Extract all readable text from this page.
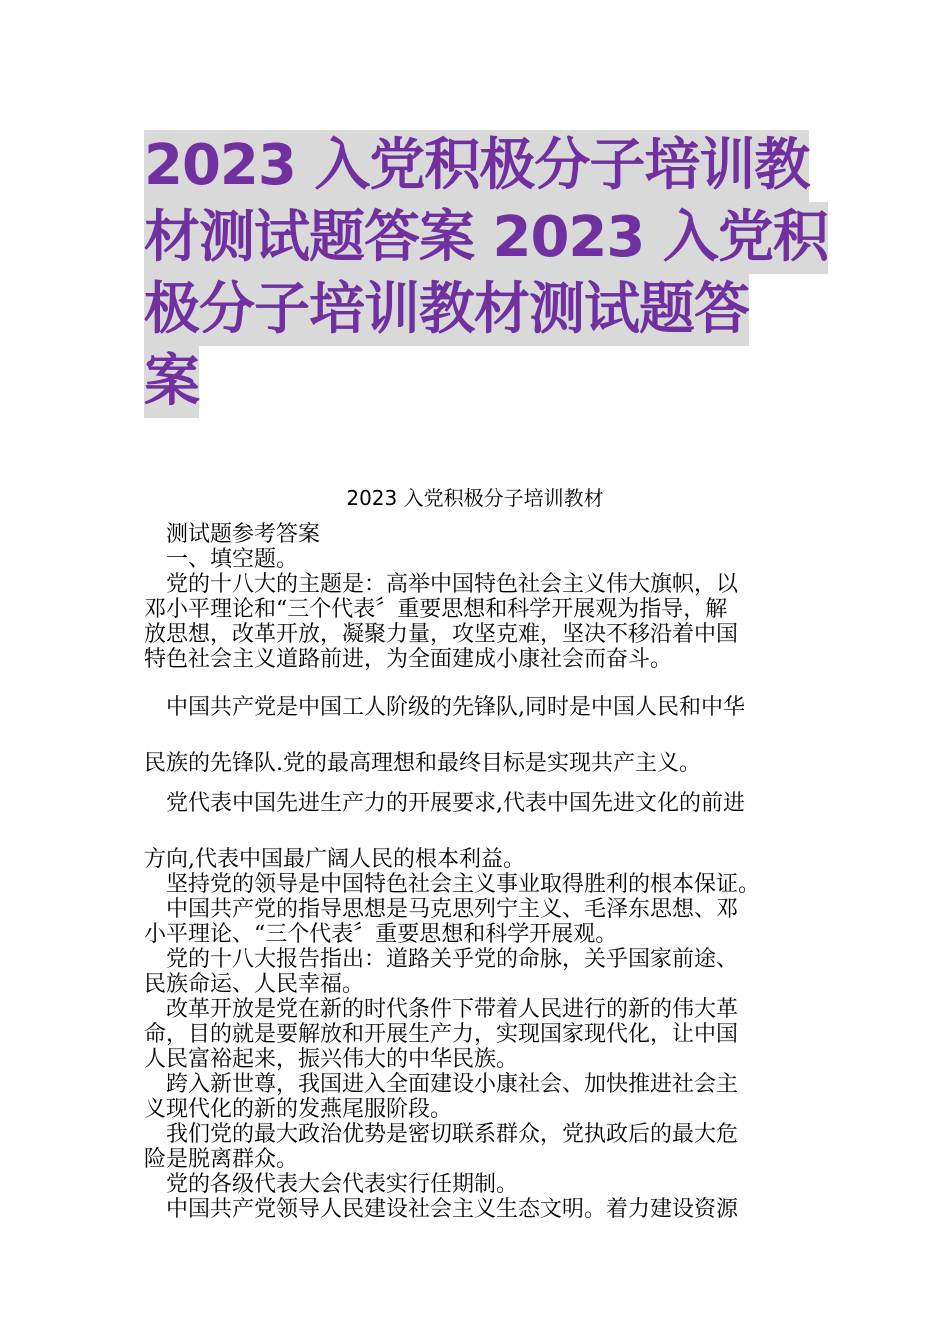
2023 入党积极分子培训教
材测试题答案 2023 入党积
极分子培训教材测试题答
案
2023 入党积极分子培训教材
测试题参考答案
一、填空题。
党的十八大的主题是：高举中国特色社会主义伟大旗帜，以
邓小平理论和“三个代表〞重要思想和科学开展观为指导，解
放思想，改革开放，凝聚力量，攻坚克难，坚决不移沿着中国
特色社会主义道路前进，为全面建成小康社会而奋斗。
中国共产党是中国工人阶级的先锋队,同时是中国人民和中华
民族的先锋队.党的最高理想和最终目标是实现共产主义。
党代表中国先进生产力的开展要求,代表中国先进文化的前进
方向,代表中国最广阔人民的根本利益。
坚持党的领导是中国特色社会主义事业取得胜利的根本保证。
中国共产党的指导思想是马克思列宁主义、毛泽东思想、邓
小平理论、“三个代表〞重要思想和科学开展观。
党的十八大报告指出：道路关乎党的命脉，关乎国家前途、
民族命运、人民幸福。
改革开放是党在新的时代条件下带着人民进行的新的伟大革
命，目的就是要解放和开展生产力，实现国家现代化，让中国
人民富裕起来，振兴伟大的中华民族。
跨入新世尊，我国进入全面建设小康社会、加快推进社会主
义现代化的新的发燕尾服阶段。
我们党的最大政治优势是密切联系群众，党执政后的最大危
险是脱离群众。
党的各级代表大会代表实行任期制。
中国共产党领导人民建设社会主义生态文明。着力建设资源
